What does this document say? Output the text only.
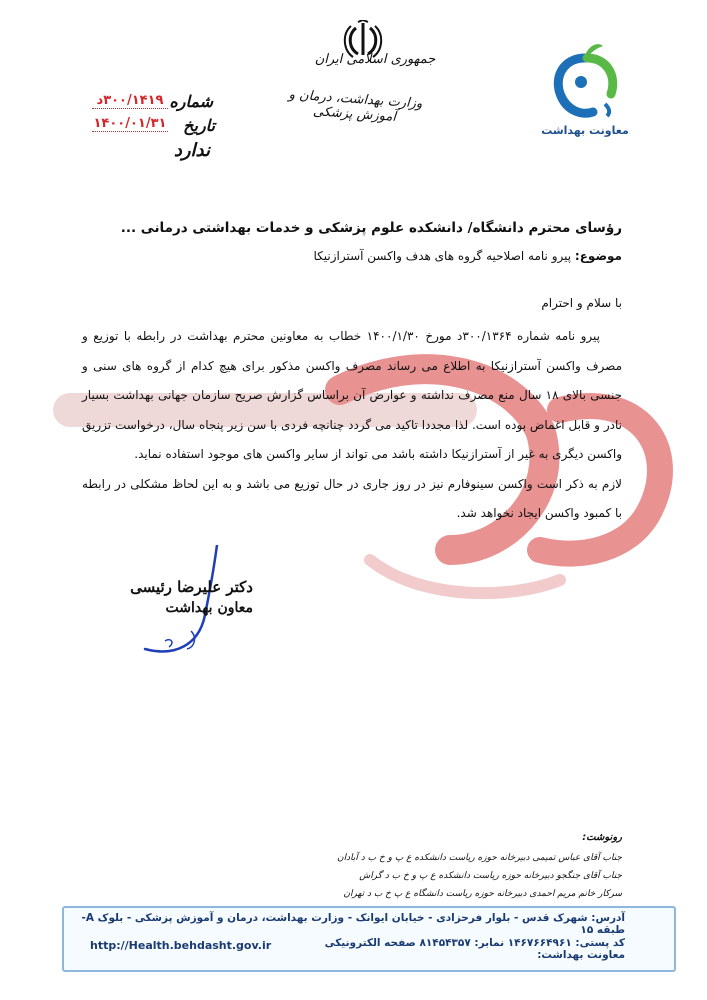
معاونت بهداشت
جمهوری اسلامی ایران
وزارت بهداشت، درمان و آموزش پزشکی
شماره
۳۰۰/۱۴۱۹د
تاریخ
۱۴۰۰/۰۱/۳۱
ندارد
رؤسای محترم دانشگاه/ دانشکده علوم پزشکی و خدمات بهداشتی درمانی ...
موضوع: پیرو نامه اصلاحیه گروه های هدف واکسن آسترازنیکا
با سلام و احترام

پیرو نامه شماره ۳۰۰/۱۳۶۴د مورخ ۱۴۰۰/۱/۳۰ خطاب به معاونین محترم بهداشت در رابطه با توزیع و مصرف واکسن آسترازنیکا به اطلاع می رساند مصرف واکسن مذکور برای هیچ کدام از گروه های سنی و جنسی بالای ۱۸ سال منع مصرف نداشته و عوارض آن براساس گزارش صریح سازمان جهانی بهداشت بسیار نادر و قابل اغماض بوده است. لذا مجددا تاکید می گردد چنانچه فردی با سن زیر پنجاه سال، درخواست تزریق واکسن دیگری به غیر از آسترازنیکا داشته باشد می تواند از سایر واکسن های موجود استفاده نماید.

لازم به ذکر است واکسن سینوفارم نیز در روز جاری در حال توزیع می باشد و به این لحاظ مشکلی در رابطه با کمبود واکسن ایجاد نخواهد شد.

دکتر علیرضا رئیسی
معاون بهداشت
رونوشت:
جناب آقای عباس تمیمی دبیرخانه حوزه ریاست دانشکده ع پ و خ ب د آبادان
جناب آقای جنگجو دبیرخانه حوزه ریاست دانشکده ع پ و خ ب د گراش
سرکار خانم مریم احمدی دبیرخانه حوزه ریاست دانشگاه ع پ خ ب د تهران
آدرس: شهرک قدس - بلوار فرحزادی - خیابان ایوانک - وزارت بهداشت، درمان و آموزش پزشکی - بلوک A- طبقه ۱۵
کد پستی: ۱۴۶۷۶۶۴۹۶۱ نمابر: ۸۱۴۵۴۳۵۷ صفحه الکترونیکی معاونت بهداشت:
http://Health.behdasht.gov.ir
